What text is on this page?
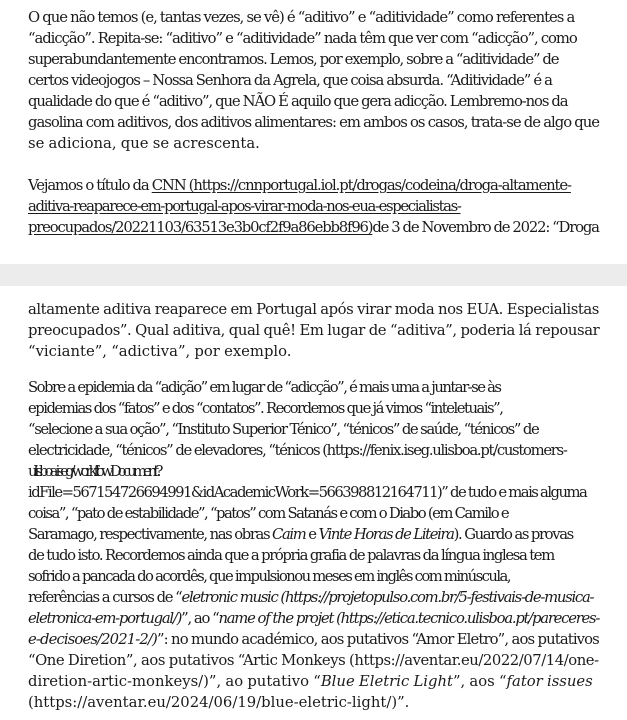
O que não temos (e, tantas vezes, se vê) é “aditivo” e “aditividade” como referentes a
“adicção”. Repita-se: “aditivo” e “aditividade” nada têm que ver com “adicção”, como
superabundantemente encontramos. Lemos, por exemplo, sobre a “aditividade” de
certos videojogos – Nossa Senhora da Agrela, que coisa absurda. “Aditividade” é a
qualidade do que é “aditivo”, que NÃO É aquilo que gera adicção. Lembremo-nos da
gasolina com aditivos, dos aditivos alimentares: em ambos os casos, trata-se de algo que
se adiciona, que se acrescenta.

Vejamos o título da CNN (https://cnnportugal.iol.pt/drogas/codeina/droga-altamente-
aditiva-reaparece-em-portugal-apos-virar-moda-nos-eua-especialistas-
preocupados/20221103/63513e3b0cf2f9a86ebb8f96)de 3 de Novembro de 2022: “Droga

altamente aditiva reaparece em Portugal após virar moda nos EUA. Especialistas
preocupados”. Qual aditiva, qual quê! Em lugar de “aditiva”, poderia lá repousar
“viciante”, “adictiva”, por exemplo.

Sobre a epidemia da “adição” em lugar de “adicção”, é mais uma a juntar-se às
epidemias dos “fatos” e dos “contatos”. Recordemos que já vimos “inteletuais”,
“selecione a sua oção”, “Instituto Superior Ténico”, “ténicos” de saúde, “ténicos” de
electricidade, “ténicos” de elevadores, “ténicos (https://fenix.iseg.ulisboa.pt/customers-
ulisboa-iseg/workflowDocument?
idFile=567154726694991&idAcademicWork=566398812164711)” de tudo e mais alguma
coisa”, “pato de estabilidade”, “patos” com Satanás e com o Diabo (em Camilo e
Saramago, respectivamente, nas obras Caim e Vinte Horas de Liteira). Guardo as provas
de tudo isto. Recordemos ainda que a própria grafia de palavras da língua inglesa tem
sofrido a pancada do acordês, que impulsionou meses em inglês com minúscula,
referências a cursos de “eletronic music (https://projetopulso.com.br/5-festivais-de-musica-
eletronica-em-portugal/)”, ao “name of the projet (https://etica.tecnico.ulisboa.pt/pareceres-
e-decisoes/2021-2/)”: no mundo académico, aos putativos “Amor Eletro”, aos putativos
“One Diretion”, aos putativos “Artic Monkeys (https://aventar.eu/2022/07/14/one-
diretion-artic-monkeys/)”, ao putativo “Blue Eletric Light”, aos “fator issues
(https://aventar.eu/2024/06/19/blue-eletric-light/)”.
